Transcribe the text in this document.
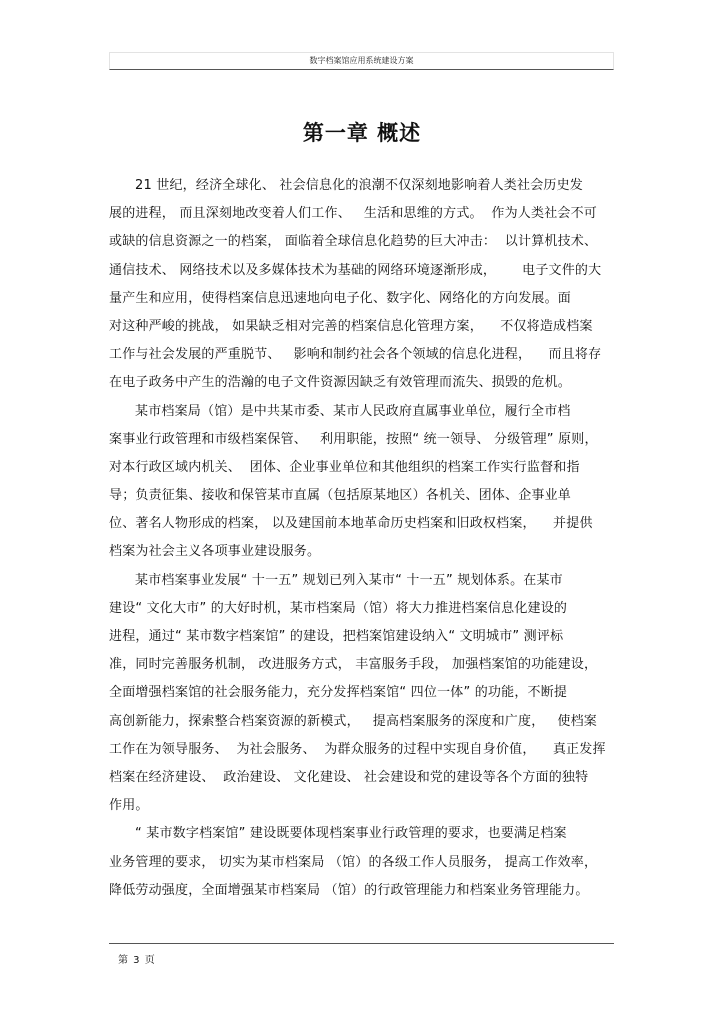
数字档案馆应用系统建设方案
第一章 概述
21 世纪，经济全球化、 社会信息化的浪潮不仅深刻地影响着人类社会历史发
展的进程， 而且深刻地改变着人们工作、   生活和思维的方式。  作为人类社会不可
或缺的信息资源之一的档案， 面临着全球信息化趋势的巨大冲击：  以计算机技术、
通信技术、 网络技术以及多媒体技术为基础的网络环境逐渐形成，      电子文件的大
量产生和应用，使得档案信息迅速地向电子化、数字化、网络化的方向发展。面
对这种严峻的挑战， 如果缺乏相对完善的档案信息化管理方案，    不仅将造成档案
工作与社会发展的严重脱节、   影响和制约社会各个领域的信息化进程，    而且将存
在电子政务中产生的浩瀚的电子文件资源因缺乏有效管理而流失、损毁的危机。
某市档案局（馆）是中共某市委、某市人民政府直属事业单位，履行全市档
案事业行政管理和市级档案保管、   利用职能，按照“ 统一领导、 分级管理” 原则，
对本行政区域内机关、  团体、企业事业单位和其他组织的档案工作实行监督和指
导；负责征集、接收和保管某市直属（包括原某地区）各机关、团体、企事业单
位、著名人物形成的档案， 以及建国前本地革命历史档案和旧政权档案，    并提供
档案为社会主义各项事业建设服务。
某市档案事业发展“ 十一五” 规划已列入某市“ 十一五” 规划体系。在某市
建设“ 文化大市” 的大好时机，某市档案局（馆）将大力推进档案信息化建设的
进程，通过“ 某市数字档案馆” 的建设，把档案馆建设纳入“ 文明城市” 测评标
准，同时完善服务机制， 改进服务方式， 丰富服务手段， 加强档案馆的功能建设，
全面增强档案馆的社会服务能力，充分发挥档案馆“ 四位一体” 的功能，不断提
高创新能力，探索整合档案资源的新模式，   提高档案服务的深度和广度，   使档案
工作在为领导服务、  为社会服务、  为群众服务的过程中实现自身价值，    真正发挥
档案在经济建设、  政治建设、 文化建设、 社会建设和党的建设等各个方面的独特
作用。
“ 某市数字档案馆” 建设既要体现档案事业行政管理的要求，也要满足档案
业务管理的要求， 切实为某市档案局 （馆）的各级工作人员服务， 提高工作效率，
降低劳动强度，全面增强某市档案局 （馆）的行政管理能力和档案业务管理能力。
第 3 页
